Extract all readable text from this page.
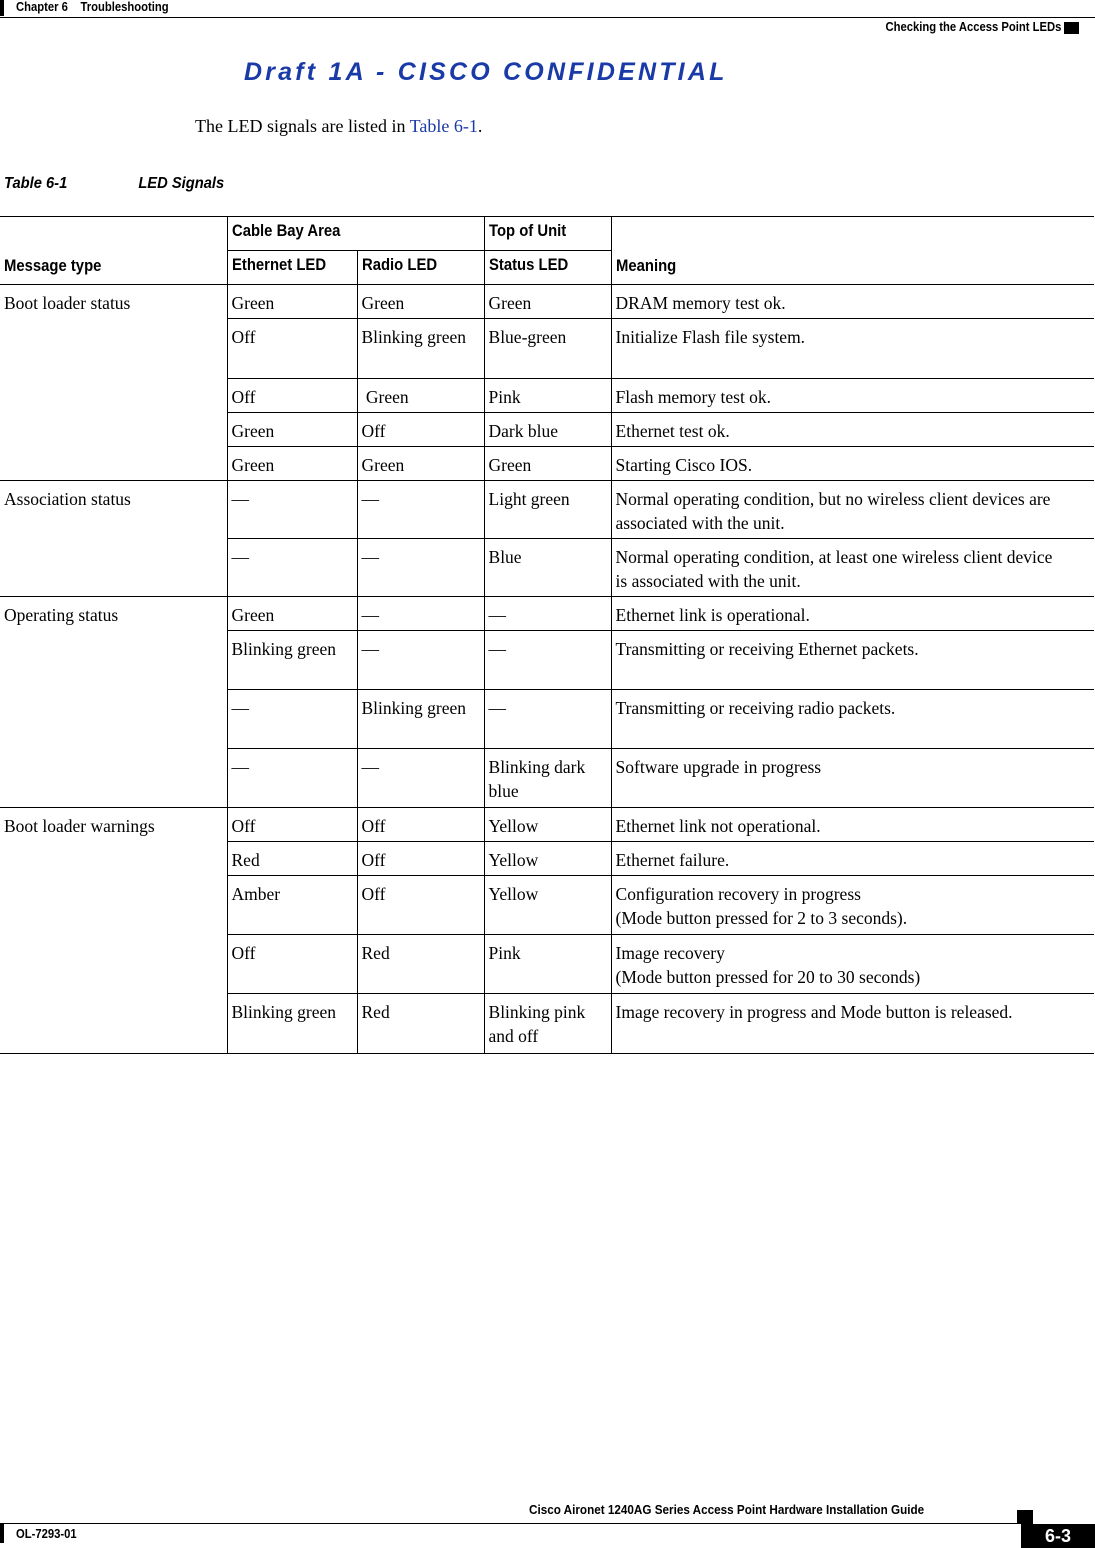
Chapter 6 Troubleshooting
Checking the Access Point LEDs
Draft 1A - CISCO CONFIDENTIAL

The LED signals are listed in Table 6-1.

Table 6-1	LED Signals
Message type	Cable Bay Area		Top of Unit	Meaning
	Ethernet LED	Radio LED	Status LED	
Boot loader status	Green	Green	Green	DRAM memory test ok.
	Off	Blinking green	Blue-green	Initialize Flash file system.
	Off	Green	Pink	Flash memory test ok.
	Green	Off	Dark blue	Ethernet test ok.
	Green	Green	Green	Starting Cisco IOS.
Association status	—	—	Light green	Normal operating condition, but no wireless client devices are associated with the unit.
	—	—	Blue	Normal operating condition, at least one wireless client device is associated with the unit.
Operating status	Green	—	—	Ethernet link is operational.
	Blinking green	—	—	Transmitting or receiving Ethernet packets.
	—	Blinking green	—	Transmitting or receiving radio packets.
	—	—	Blinking dark blue	Software upgrade in progress
Boot loader warnings	Off	Off	Yellow	Ethernet link not operational.
	Red	Off	Yellow	Ethernet failure.
	Amber	Off	Yellow	Configuration recovery in progress
(Mode button pressed for 2 to 3 seconds).

	Off	Red	Pink	Image recovery
(Mode button pressed for 20 to 30 seconds)

	Blinking green	Red	Blinking pink and off	Image recovery in progress and Mode button is released.
Cisco Aironet 1240AG Series Access Point Hardware Installation Guide
OL-7293-01	6-3
